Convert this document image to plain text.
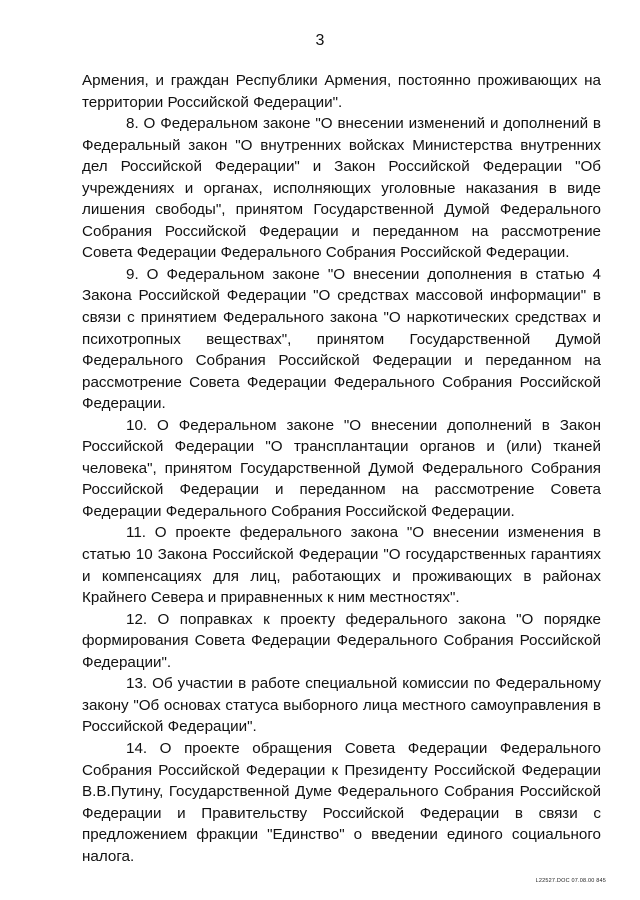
3

Армения, и граждан Республики Армения, постоянно проживающих на территории Российской Федерации".

8. О Федеральном законе "О внесении изменений и дополнений в Федеральный закон "О внутренних войсках Министерства внутренних дел Российской Федерации" и Закон Российской Федерации "Об учреждениях и органах, исполняющих уголовные наказания в виде лишения свободы", принятом Государственной Думой Федерального Собрания Российской Федерации и переданном на рассмотрение Совета Федерации Федерального Собрания Российской Федерации.

9. О Федеральном законе "О внесении дополнения в статью 4 Закона Российской Федерации "О средствах массовой информации" в связи с принятием Федерального закона "О наркотических средствах и психотропных веществах", принятом Государственной Думой Федерального Собрания Российской Федерации и переданном на рассмотрение Совета Федерации Федерального Собрания Российской Федерации.

10. О Федеральном законе "О внесении дополнений в Закон Российской Федерации "О трансплантации органов и (или) тканей человека", принятом Государственной Думой Федерального Собрания Российской Федерации и переданном на рассмотрение Совета Федерации Федерального Собрания Российской Федерации.

11. О проекте федерального закона "О внесении изменения в статью 10 Закона Российской Федерации "О государственных гарантиях и компенсациях для лиц, работающих и проживающих в районах Крайнего Севера и приравненных к ним местностях".

12. О поправках к проекту федерального закона "О порядке формирования Совета Федерации Федерального Собрания Российской Федерации".

13. Об участии в работе специальной комиссии по Федеральному закону "Об основах статуса выборного лица местного самоуправления в Российской Федерации".

14. О проекте обращения Совета Федерации Федерального Собрания Российской Федерации к Президенту Российской Федерации В.В.Путину, Государственной Думе Федерального Собрания Российской Федерации и Правительству Российской Федерации в связи с предложением фракции "Единство" о введении единого социального налога.

L22527.DOC 07.08.00 845
